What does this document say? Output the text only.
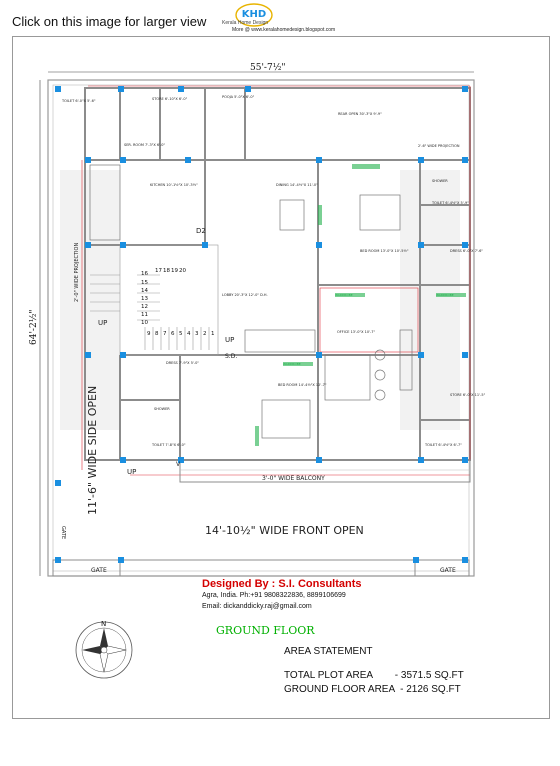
Click on this image for larger view	KHD
Kerala Home Design
More @ www.keralahomedesign.blogspot.com
55'-7½"
64'-2½"
TOILET 6'-0"X 5'-6"	STORE 6'-10"X 6'-0"	POOJA 5'-0"X 6'-0"
REAR OPEN 30'-3"X 9'-9"
2'-6" WIDE PROJECTION
SER. ROOM 7'-3"X 6'-0"
KITCHEN 10'-1½"X 10'-3½"	DINING 14'-4½"X 11'-0"
BED ROOM 13'-0"X 10'-5½"
SHOWER
TOILET 6'-4½"X 5'-9"
DRESS 6'-0"X 7'-6"
D2
2'-0" WIDE PROJECTION	LOBBY 20'-3"X 12'-0" D.H.
OFFICE 13'-0"X 10'-7"
WARDROBE	WARDROBE
WARDROBE
UP
UP
UP
S.D.
DRESS 7'-9"X 5'-0"
SHOWER
TOILET 7'-8"X 6'-0"
BED ROOM 14'-4½"X 12'-7"
STORE 6'-0"X 11'-5"
TOILET 6'-4½"X 6'-7"
V
3'-0" WIDE BALCONY
11'-6" WIDE SIDE OPEN
14'-10½" WIDE FRONT OPEN
GATE
GATE	GATE
17 18 19 20
16
15
14
13
12
11
10
9 8 7 6 5 4 3 2 1
N
Designed By : S.I. Consultants
Agra, India. Ph:+91 9808322836, 8899106699
Email: dickanddicky.raj@gmail.com
GROUND FLOOR
AREA STATEMENT
TOTAL PLOT AREA        - 3571.5 SQ.FT
GROUND FLOOR AREA  - 2126 SQ.FT
